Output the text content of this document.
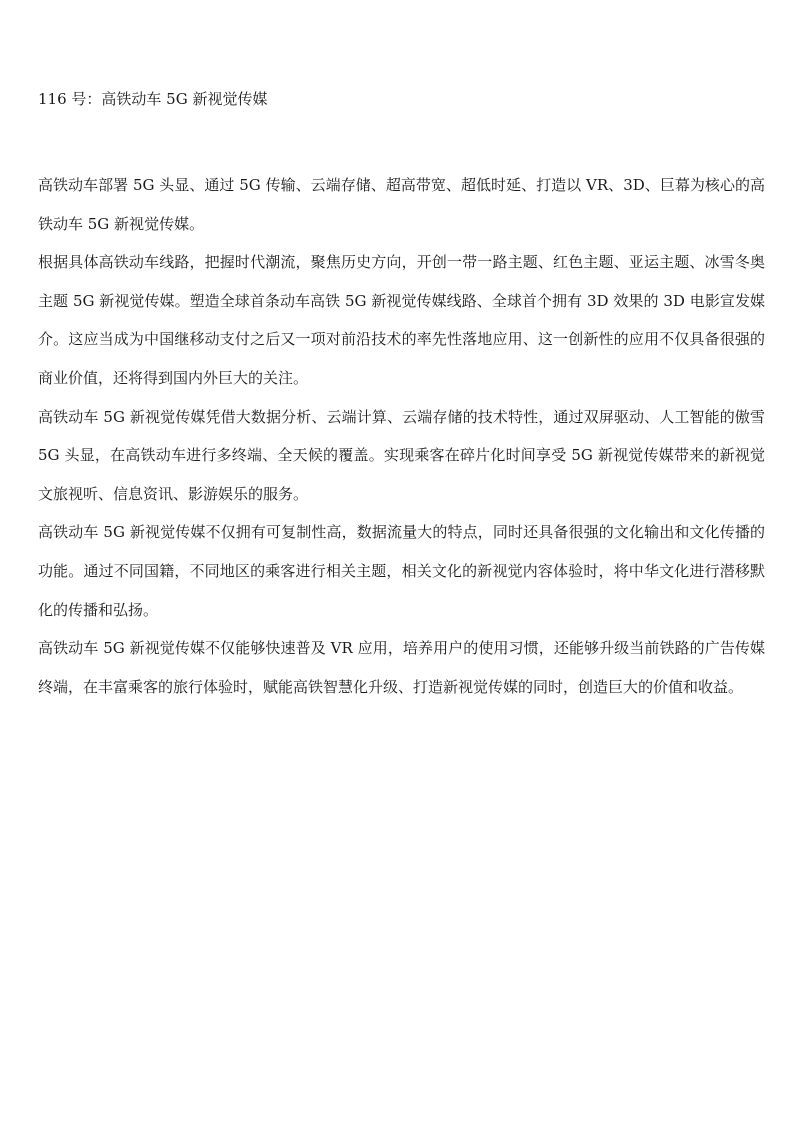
116 号：高铁动车 5G 新视觉传媒

高铁动车部署 5G 头显、通过 5G 传输、云端存储、超高带宽、超低时延、打造以 VR、3D、巨幕为核心的高铁动车 5G 新视觉传媒。

根据具体高铁动车线路，把握时代潮流，聚焦历史方向，开创一带一路主题、红色主题、亚运主题、冰雪冬奥主题 5G 新视觉传媒。塑造全球首条动车高铁 5G 新视觉传媒线路、全球首个拥有 3D 效果的 3D 电影宣发媒介。这应当成为中国继移动支付之后又一项对前沿技术的率先性落地应用、这一创新性的应用不仅具备很强的商业价值，还将得到国内外巨大的关注。

高铁动车 5G 新视觉传媒凭借大数据分析、云端计算、云端存储的技术特性，通过双屏驱动、人工智能的傲雪 5G 头显，在高铁动车进行多终端、全天候的覆盖。实现乘客在碎片化时间享受 5G 新视觉传媒带来的新视觉文旅视听、信息资讯、影游娱乐的服务。

高铁动车 5G 新视觉传媒不仅拥有可复制性高，数据流量大的特点，同时还具备很强的文化输出和文化传播的功能。通过不同国籍，不同地区的乘客进行相关主题，相关文化的新视觉内容体验时，将中华文化进行潜移默化的传播和弘扬。

高铁动车 5G 新视觉传媒不仅能够快速普及 VR 应用，培养用户的使用习惯，还能够升级当前铁路的广告传媒终端，在丰富乘客的旅行体验时，赋能高铁智慧化升级、打造新视觉传媒的同时，创造巨大的价值和收益。
